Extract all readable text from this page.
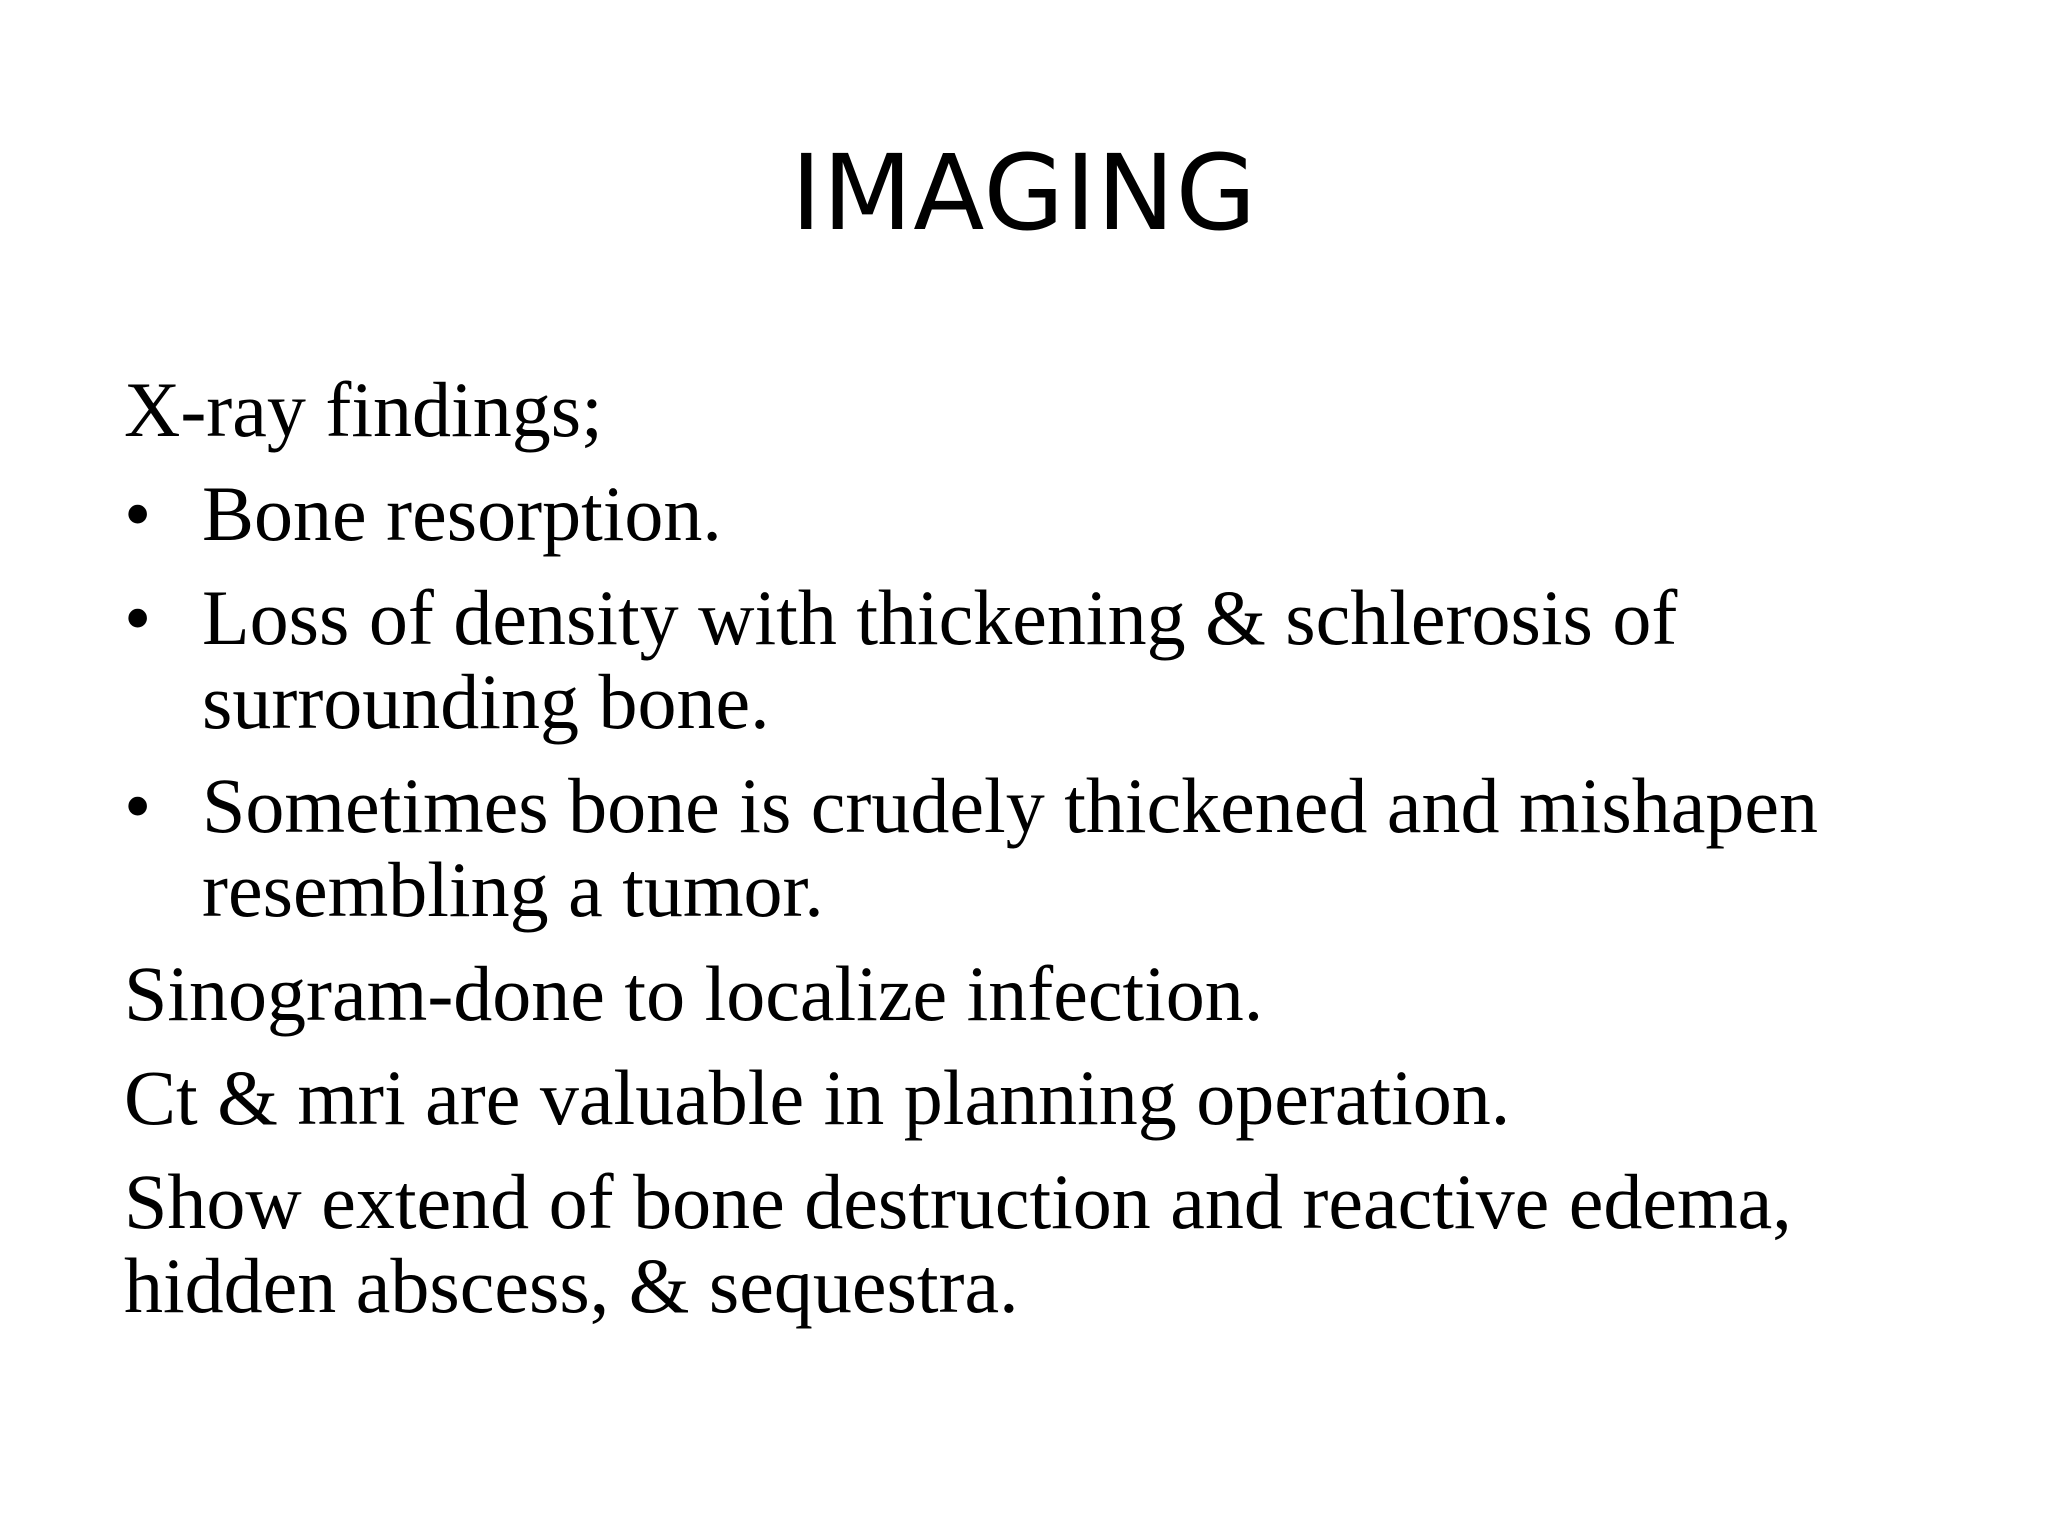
IMAGING
X-ray findings;
• Bone resorption.
• Loss of density with thickening & schlerosis of surrounding bone.
• Sometimes bone is crudely thickened and mishapen resembling a tumor.
Sinogram-done to localize infection.
Ct & mri are valuable in planning operation.
Show extend of bone destruction and reactive edema, hidden abscess, & sequestra.
